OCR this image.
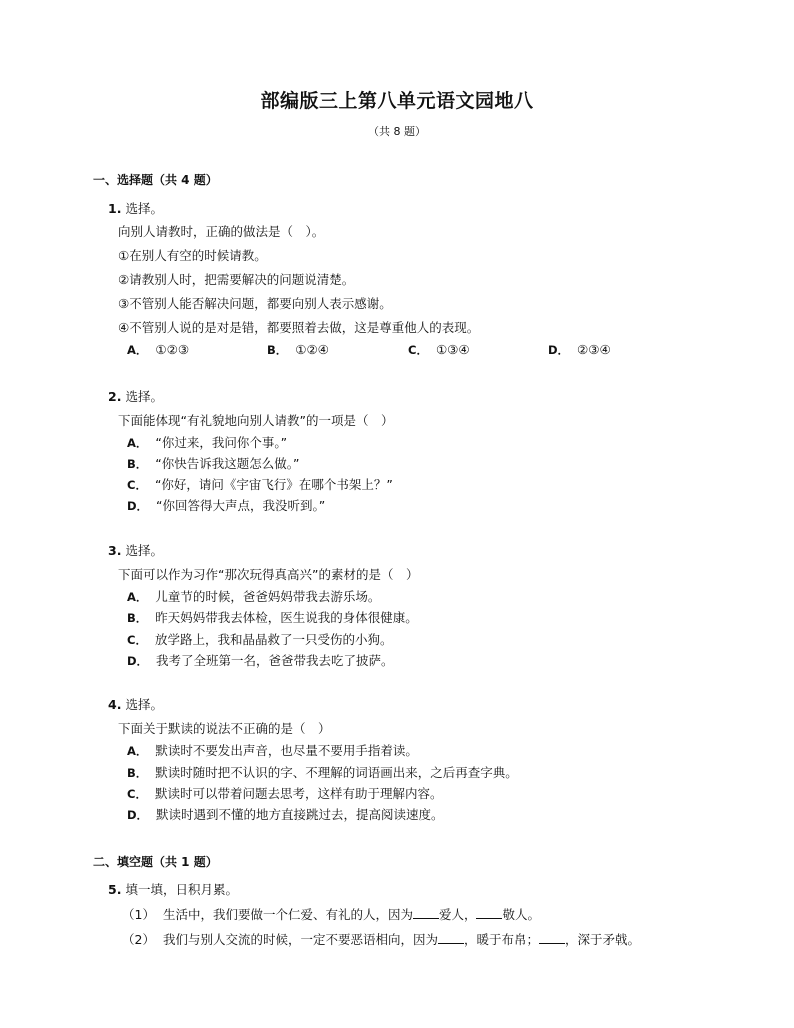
部编版三上第八单元语文园地八
（共 8 题）
一、选择题（共 4 题）
1. 选择。
向别人请教时，正确的做法是（　）。
①在别人有空的时候请教。
②请教别人时，把需要解决的问题说清楚。
③不管别人能否解决问题，都要向别人表示感谢。
④不管别人说的是对是错，都要照着去做，这是尊重他人的表现。
A． ①②③	B． ①②④	C． ①③④	D． ②③④
2. 选择。
下面能体现“有礼貌地向别人请教”的一项是（　）
A． “你过来，我问你个事。”
B． “你快告诉我这题怎么做。”
C． “你好，请问《宇宙飞行》在哪个书架上？”
D． “你回答得大声点，我没听到。”
3. 选择。
下面可以作为习作“那次玩得真高兴”的素材的是（　）
A． 儿童节的时候，爸爸妈妈带我去游乐场。
B． 昨天妈妈带我去体检，医生说我的身体很健康。
C． 放学路上，我和晶晶救了一只受伤的小狗。
D． 我考了全班第一名，爸爸带我去吃了披萨。
4. 选择。
下面关于默读的说法不正确的是（　）
A． 默读时不要发出声音，也尽量不要用手指着读。
B． 默读时随时把不认识的字、不理解的词语画出来，之后再查字典。
C． 默读时可以带着问题去思考，这样有助于理解内容。
D． 默读时遇到不懂的地方直接跳过去，提高阅读速度。
二、填空题（共 1 题）
5. 填一填，日积月累。
（1） 生活中，我们要做一个仁爱、有礼的人，因为 爱人， 敬人。
（2） 我们与别人交流的时候，一定不要恶语相向，因为 ，暖于布帛； ，深于矛戟。
